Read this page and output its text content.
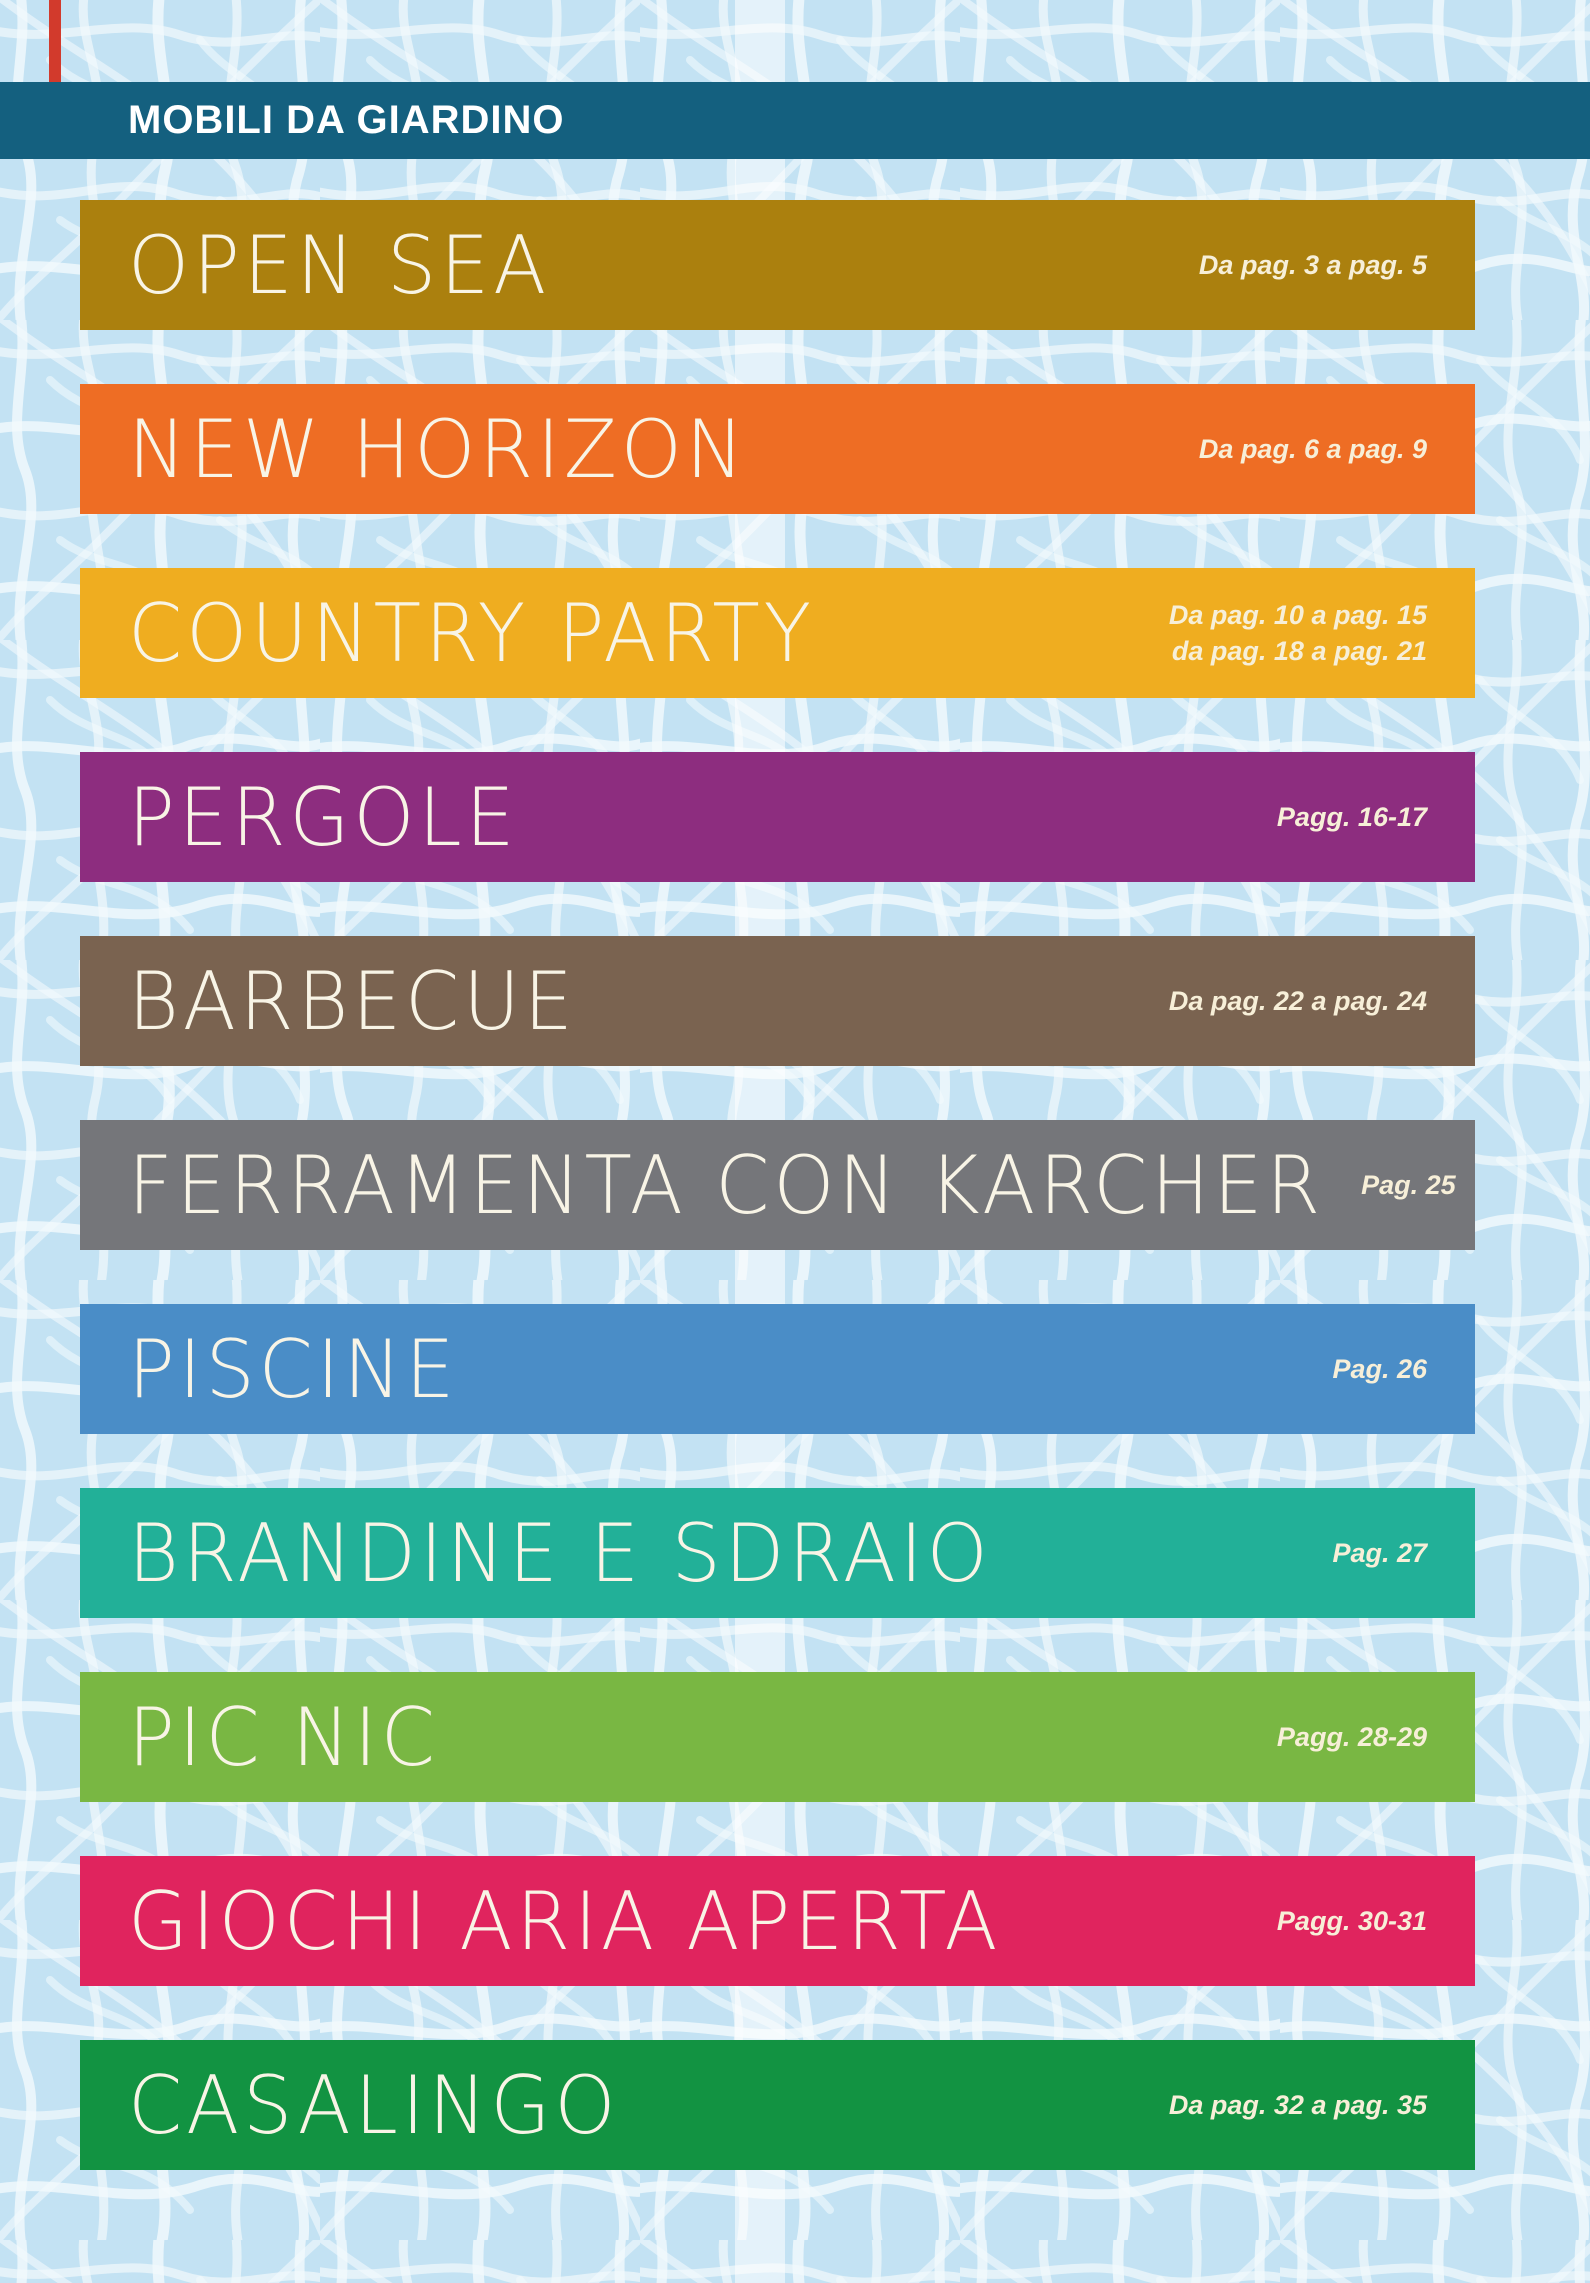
MOBILI DA GIARDINO
OPEN SEA	Da pag. 3 a pag. 5
NEW HORIZON	Da pag. 6 a pag. 9
COUNTRY PARTY	Da pag. 10 a pag. 15
da pag. 18 a pag. 21
PERGOLE	Pagg. 16-17
BARBECUE	Da pag. 22 a pag. 24
FERRAMENTA CON KARCHER Pag. 25
PISCINE	Pag. 26
BRANDINE E SDRAIO	Pag. 27
PIC NIC	Pagg. 28-29
GIOCHI ARIA APERTA	Pagg. 30-31
CASALINGO	Da pag. 32 a pag. 35
